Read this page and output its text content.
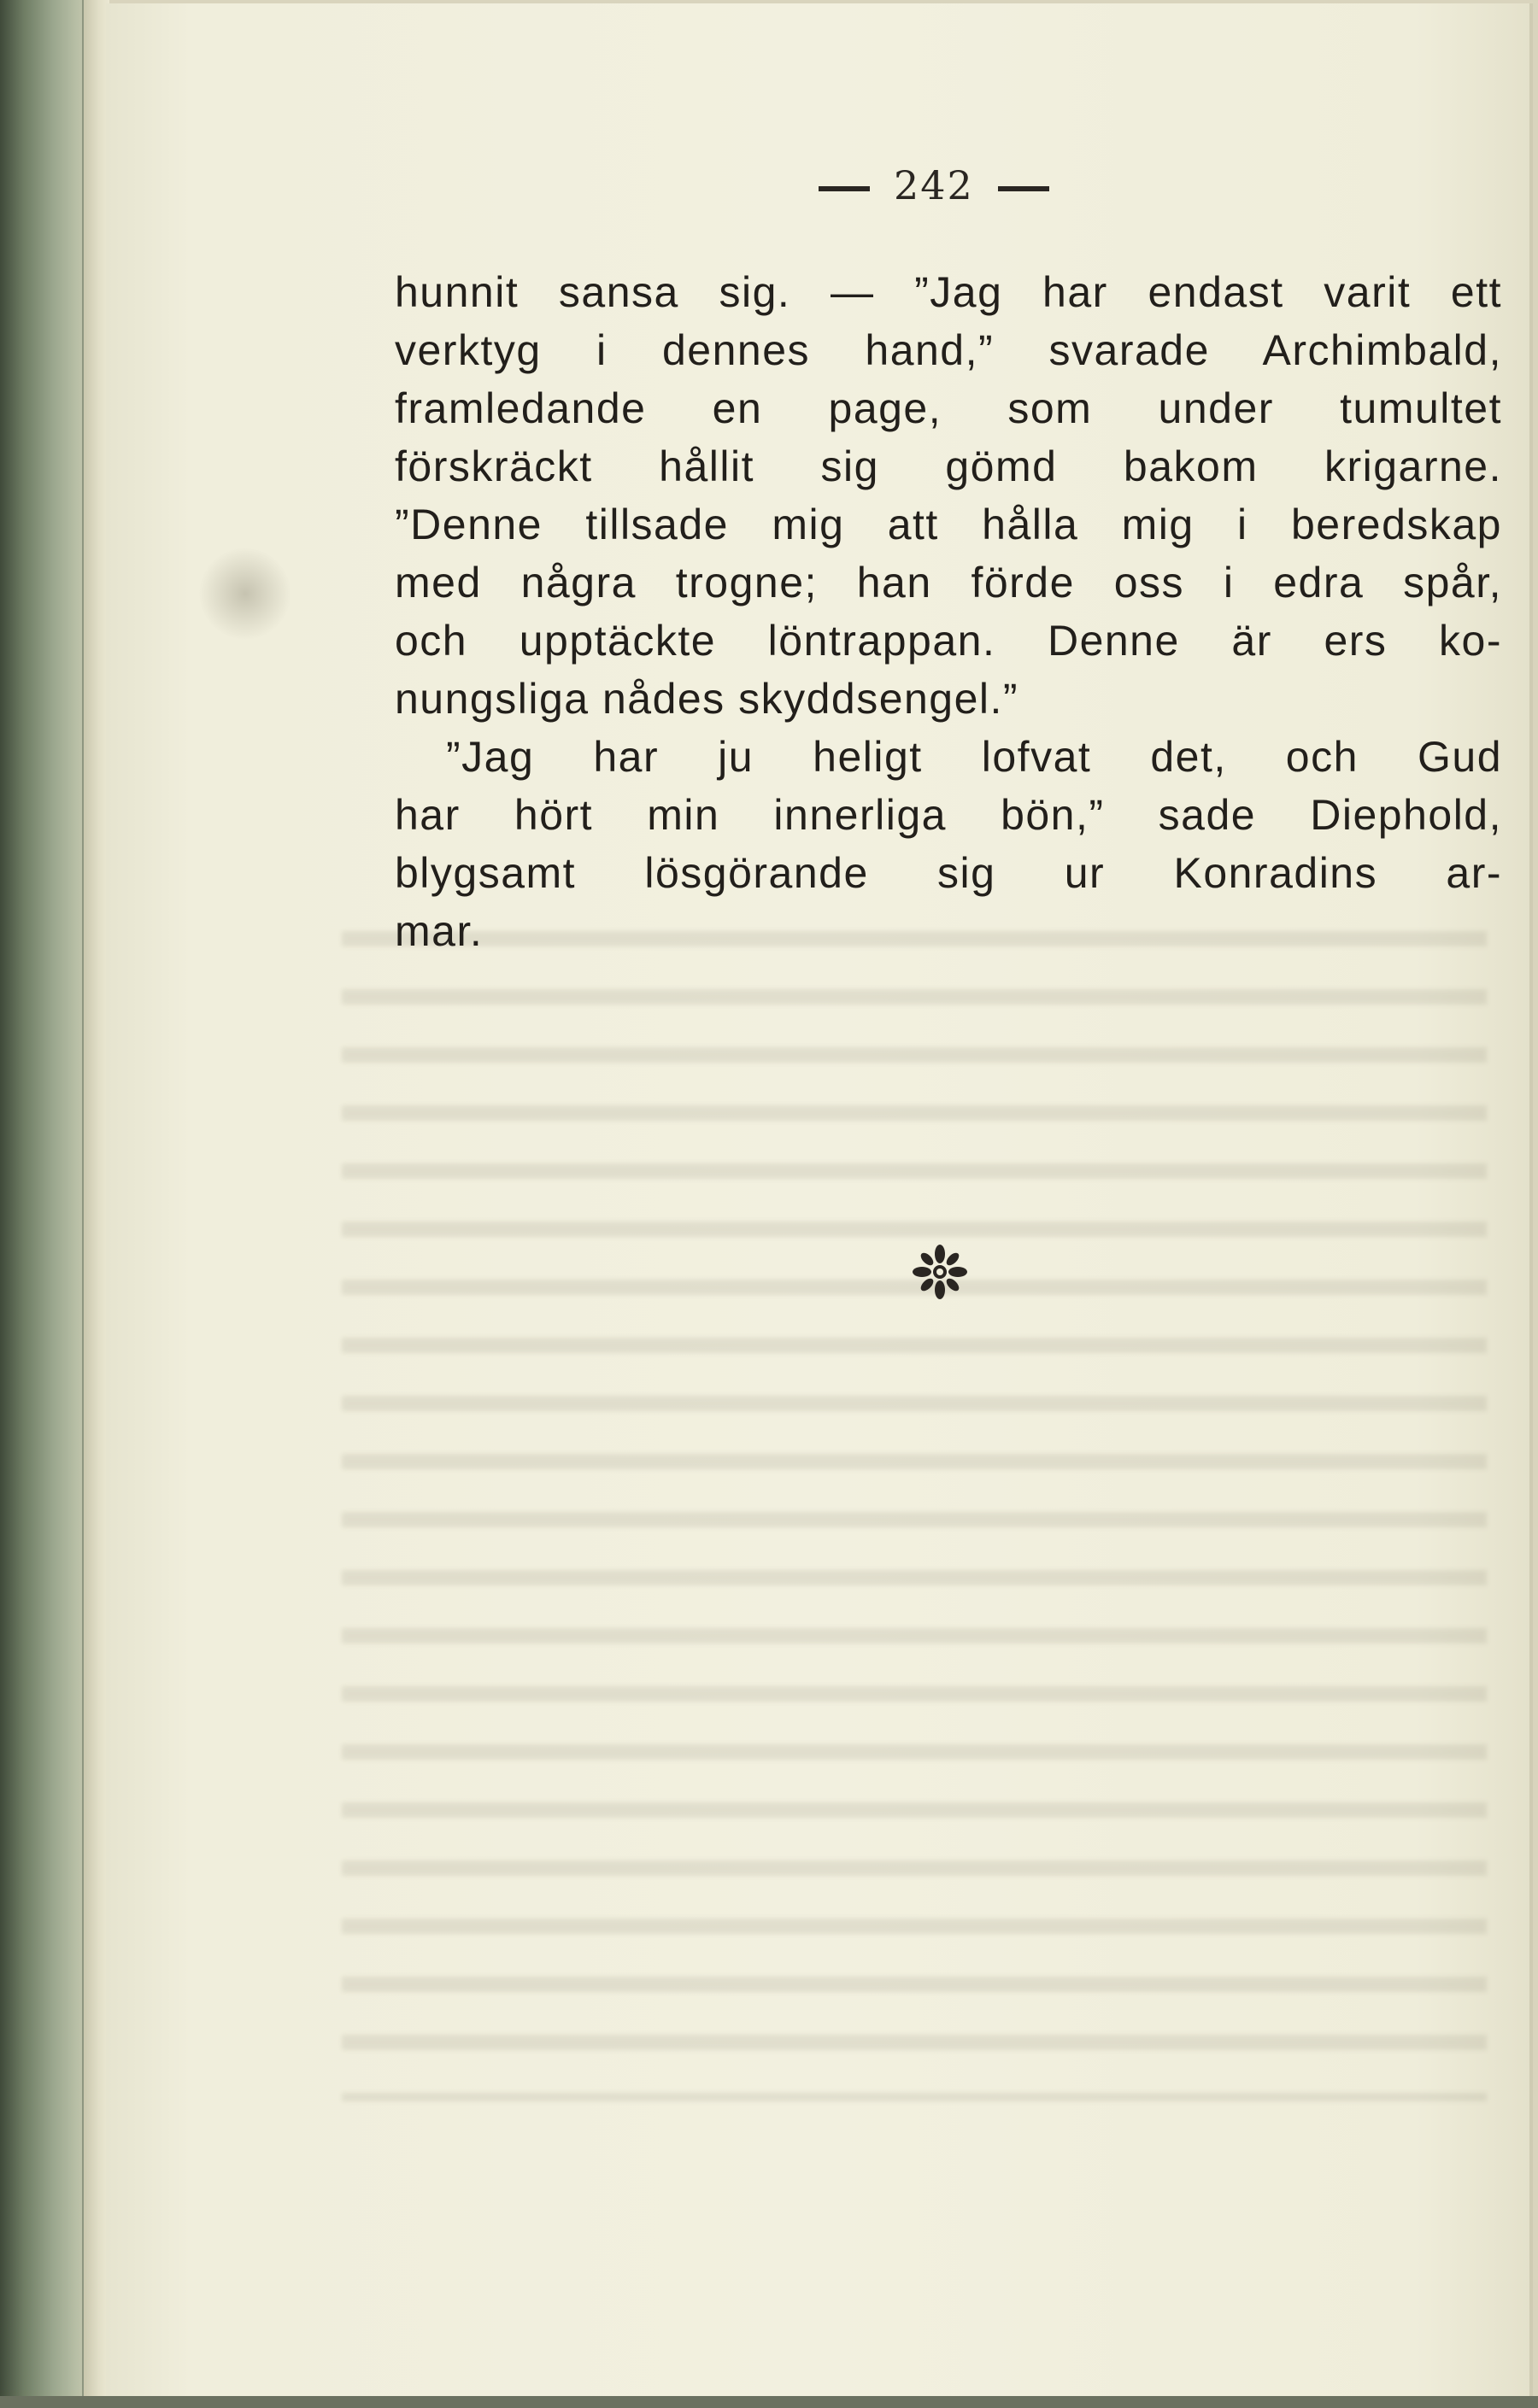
242
hunnit sansa sig. — ”Jag har endast varit ett
verktyg i dennes hand,” svarade Archimbald,
framledande en page, som under tumultet
förskräckt hållit sig gömd bakom krigarne.
”Denne tillsade mig att hålla mig i beredskap
med några trogne; han förde oss i edra spår,
och upptäckte löntrappan. Denne är ers ko-
nungsliga nådes skyddsengel.”
”Jag har ju heligt lofvat det, och Gud
har hört min innerliga bön,” sade Diephold,
blygsamt lösgörande sig ur Konradins ar-
mar.
